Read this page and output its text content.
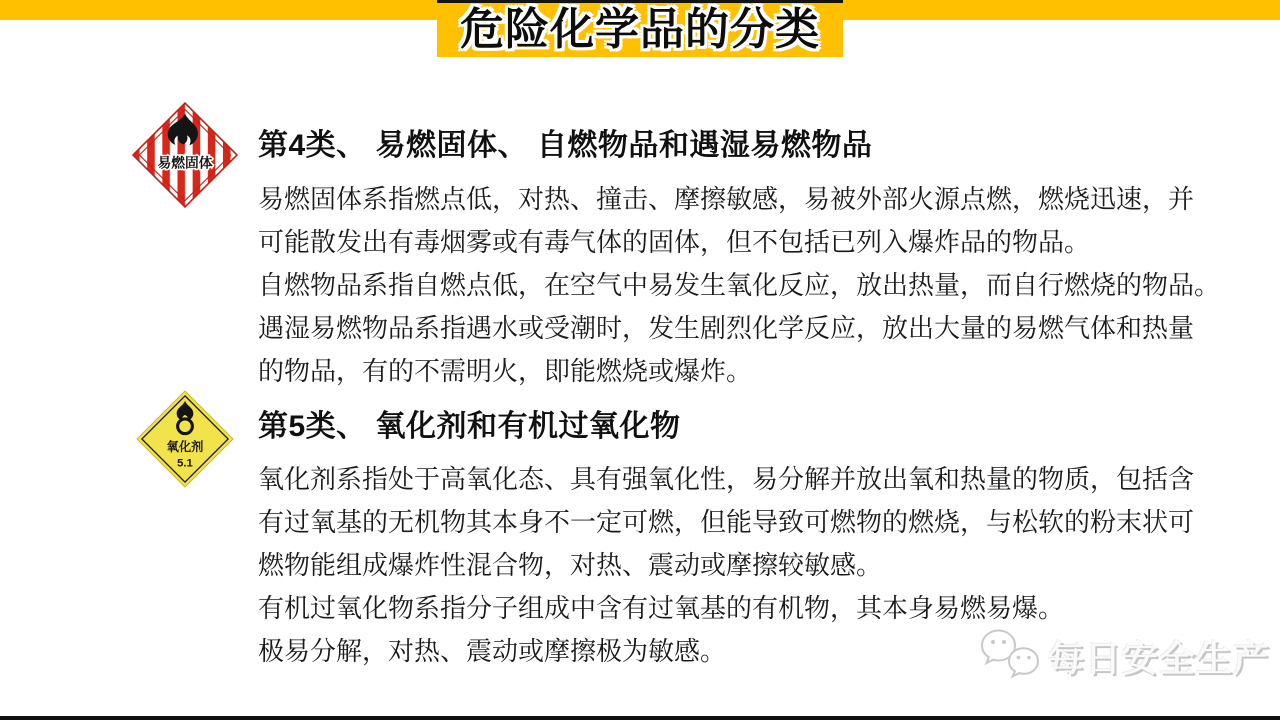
危险化学品的分类
易燃固体
第4类、 易燃固体、 自燃物品和遇湿易燃物品
易燃固体系指燃点低，对热、撞击、摩擦敏感，易被外部火源点燃，燃烧迅速，并
可能散发出有毒烟雾或有毒气体的固体，但不包括已列入爆炸品的物品。
自燃物品系指自燃点低，在空气中易发生氧化反应，放出热量，而自行燃烧的物品。
遇湿易燃物品系指遇水或受潮时，发生剧烈化学反应，放出大量的易燃气体和热量
的物品，有的不需明火，即能燃烧或爆炸。
氧化剂
5.1
第5类、 氧化剂和有机过氧化物
氧化剂系指处于高氧化态、具有强氧化性，易分解并放出氧和热量的物质，包括含
有过氧基的无机物其本身不一定可燃，但能导致可燃物的燃烧，与松软的粉末状可
燃物能组成爆炸性混合物，对热、震动或摩擦较敏感。
有机过氧化物系指分子组成中含有过氧基的有机物，其本身易燃易爆。
极易分解，对热、震动或摩擦极为敏感。	每日安全生产
